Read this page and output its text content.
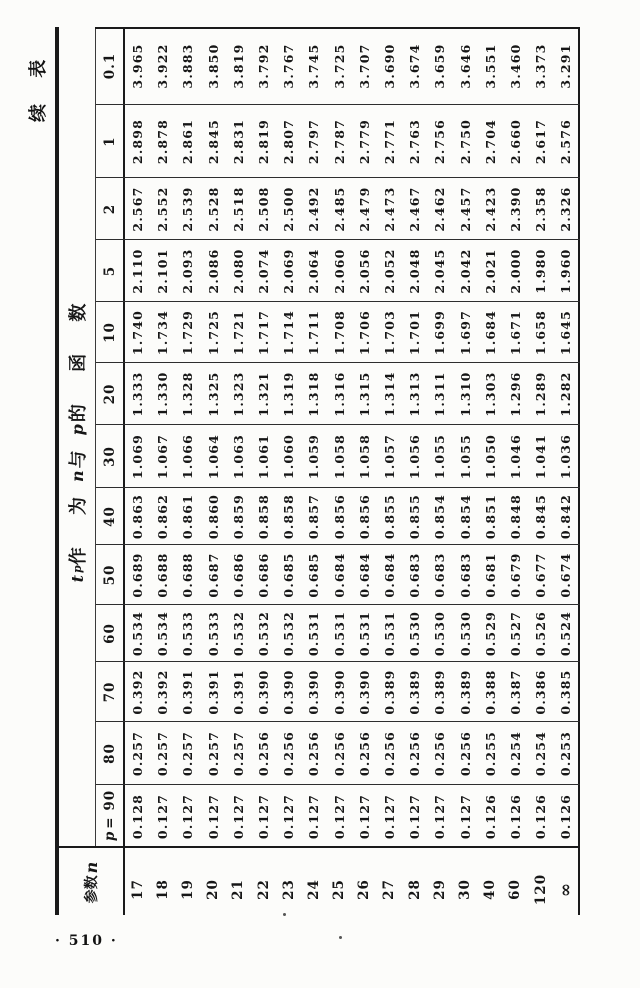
· 510 ·
续 表
参数
n
t
p
作 为
n
与
p
的 函 数
p
= 90
80
70
60
50
40
30
20
10
5
2
1
0.1
17
0.128
0.257
0.392
0.534
0.689
0.863
1.069
1.333
1.740
2.110
2.567
2.898
3.965
18
0.127
0.257
0.392
0.534
0.688
0.862
1.067
1.330
1.734
2.101
2.552
2.878
3.922
19
0.127
0.257
0.391
0.533
0.688
0.861
1.066
1.328
1.729
2.093
2.539
2.861
3.883
20
0.127
0.257
0.391
0.533
0.687
0.860
1.064
1.325
1.725
2.086
2.528
2.845
3.850
21
0.127
0.257
0.391
0.532
0.686
0.859
1.063
1.323
1.721
2.080
2.518
2.831
3.819
22
0.127
0.256
0.390
0.532
0.686
0.858
1.061
1.321
1.717
2.074
2.508
2.819
3.792
23
0.127
0.256
0.390
0.532
0.685
0.858
1.060
1.319
1.714
2.069
2.500
2.807
3.767
24
0.127
0.256
0.390
0.531
0.685
0.857
1.059
1.318
1.711
2.064
2.492
2.797
3.745
25
0.127
0.256
0.390
0.531
0.684
0.856
1.058
1.316
1.708
2.060
2.485
2.787
3.725
26
0.127
0.256
0.390
0.531
0.684
0.856
1.058
1.315
1.706
2.056
2.479
2.779
3.707
27
0.127
0.256
0.389
0.531
0.684
0.855
1.057
1.314
1.703
2.052
2.473
2.771
3.690
28
0.127
0.256
0.389
0.530
0.683
0.855
1.056
1.313
1.701
2.048
2.467
2.763
3.674
29
0.127
0.256
0.389
0.530
0.683
0.854
1.055
1.311
1.699
2.045
2.462
2.756
3.659
30
0.127
0.256
0.389
0.530
0.683
0.854
1.055
1.310
1.697
2.042
2.457
2.750
3.646
40
0.126
0.255
0.388
0.529
0.681
0.851
1.050
1.303
1.684
2.021
2.423
2.704
3.551
60
0.126
0.254
0.387
0.527
0.679
0.848
1.046
1.296
1.671
2.000
2.390
2.660
3.460
120
0.126
0.254
0.386
0.526
0.677
0.845
1.041
1.289
1.658
1.980
2.358
2.617
3.373
∞
0.126
0.253
0.385
0.524
0.674
0.842
1.036
1.282
1.645
1.960
2.326
2.576
3.291
